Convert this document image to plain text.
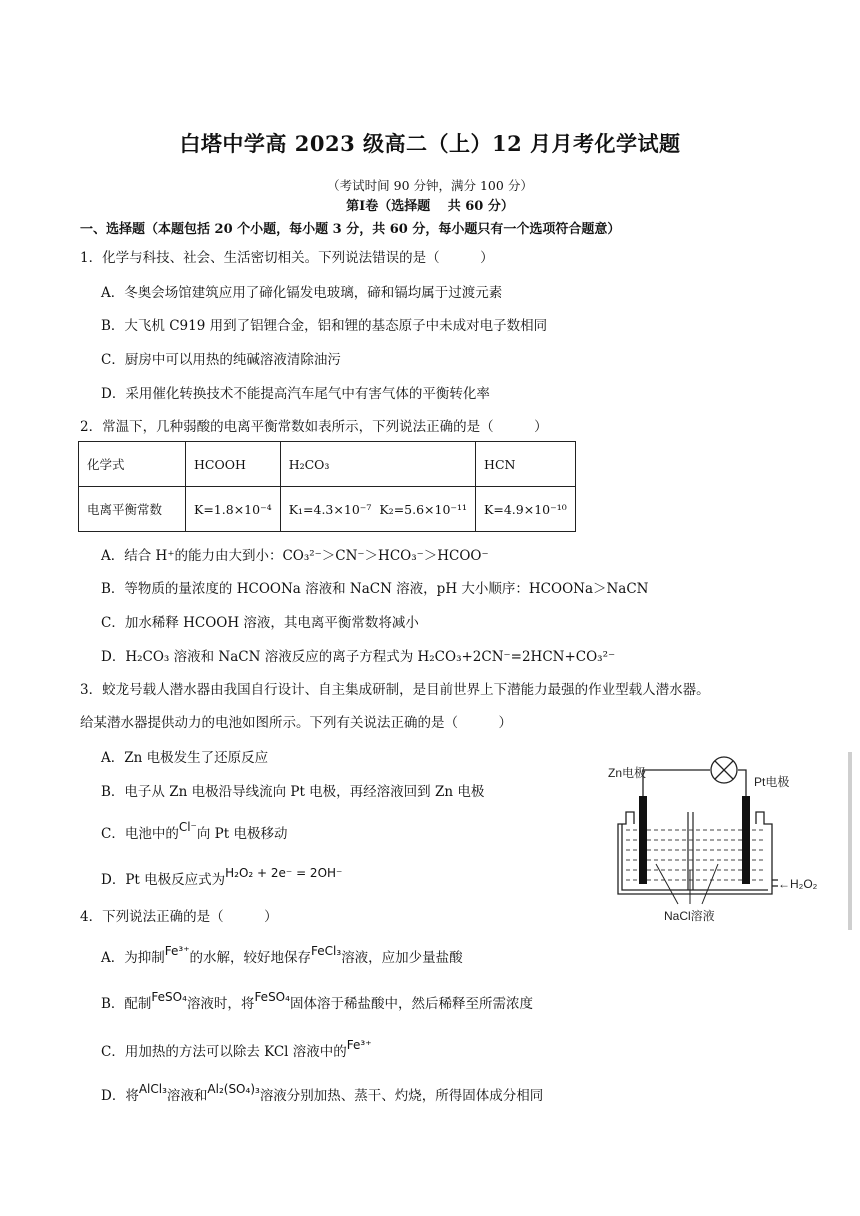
白塔中学高 2023 级高二（上）12 月月考化学试题
（考试时间 90 分钟，满分 100 分）
第Ⅰ卷（选择题　 共 60 分）
一、选择题（本题包括 20 个小题，每小题 3 分，共 60 分，每小题只有一个选项符合题意）
1．化学与科技、社会、生活密切相关。下列说法错误的是（　　　）
A．冬奥会场馆建筑应用了碲化镉发电玻璃，碲和镉均属于过渡元素
B．大飞机 C919 用到了铝锂合金，铝和锂的基态原子中未成对电子数相同
C．厨房中可以用热的纯碱溶液清除油污
D．采用催化转换技术不能提高汽车尾气中有害气体的平衡转化率
2．常温下，几种弱酸的电离平衡常数如表所示，下列说法正确的是（　　　）
化学式	HCOOH	H₂CO₃	HCN
电离平衡常数	K=1.8×10⁻⁴	K₁=4.3×10⁻⁷ K₂=5.6×10⁻¹¹	K=4.9×10⁻¹⁰
A．结合 H⁺的能力由大到小：CO₃²⁻＞CN⁻＞HCO₃⁻＞HCOO⁻
B．等物质的量浓度的 HCOONa 溶液和 NaCN 溶液，pH 大小顺序：HCOONa＞NaCN
C．加水稀释 HCOOH 溶液，其电离平衡常数将减小
D．H₂CO₃ 溶液和 NaCN 溶液反应的离子方程式为 H₂CO₃+2CN⁻=2HCN+CO₃²⁻
3．蛟龙号载人潜水器由我国自行设计、自主集成研制，是目前世界上下潜能力最强的作业型载人潜水器。
给某潜水器提供动力的电池如图所示。下列有关说法正确的是（　　　）
A．Zn 电极发生了还原反应
B．电子从 Zn 电极沿导线流向 Pt 电极，再经溶液回到 Zn 电极
C．电池中的Cl⁻向 Pt 电极移动
D．Pt 电极反应式为H₂O₂ + 2e⁻ = 2OH⁻
Zn电极
Pt电极
←H₂O₂
NaCl溶液
4．下列说法正确的是（　　　）
A．为抑制Fe³⁺的水解，较好地保存FeCl₃溶液，应加少量盐酸
B．配制FeSO₄溶液时，将FeSO₄固体溶于稀盐酸中，然后稀释至所需浓度
C．用加热的方法可以除去 KCl 溶液中的Fe³⁺
D．将AlCl₃溶液和Al₂(SO₄)₃溶液分别加热、蒸干、灼烧，所得固体成分相同
